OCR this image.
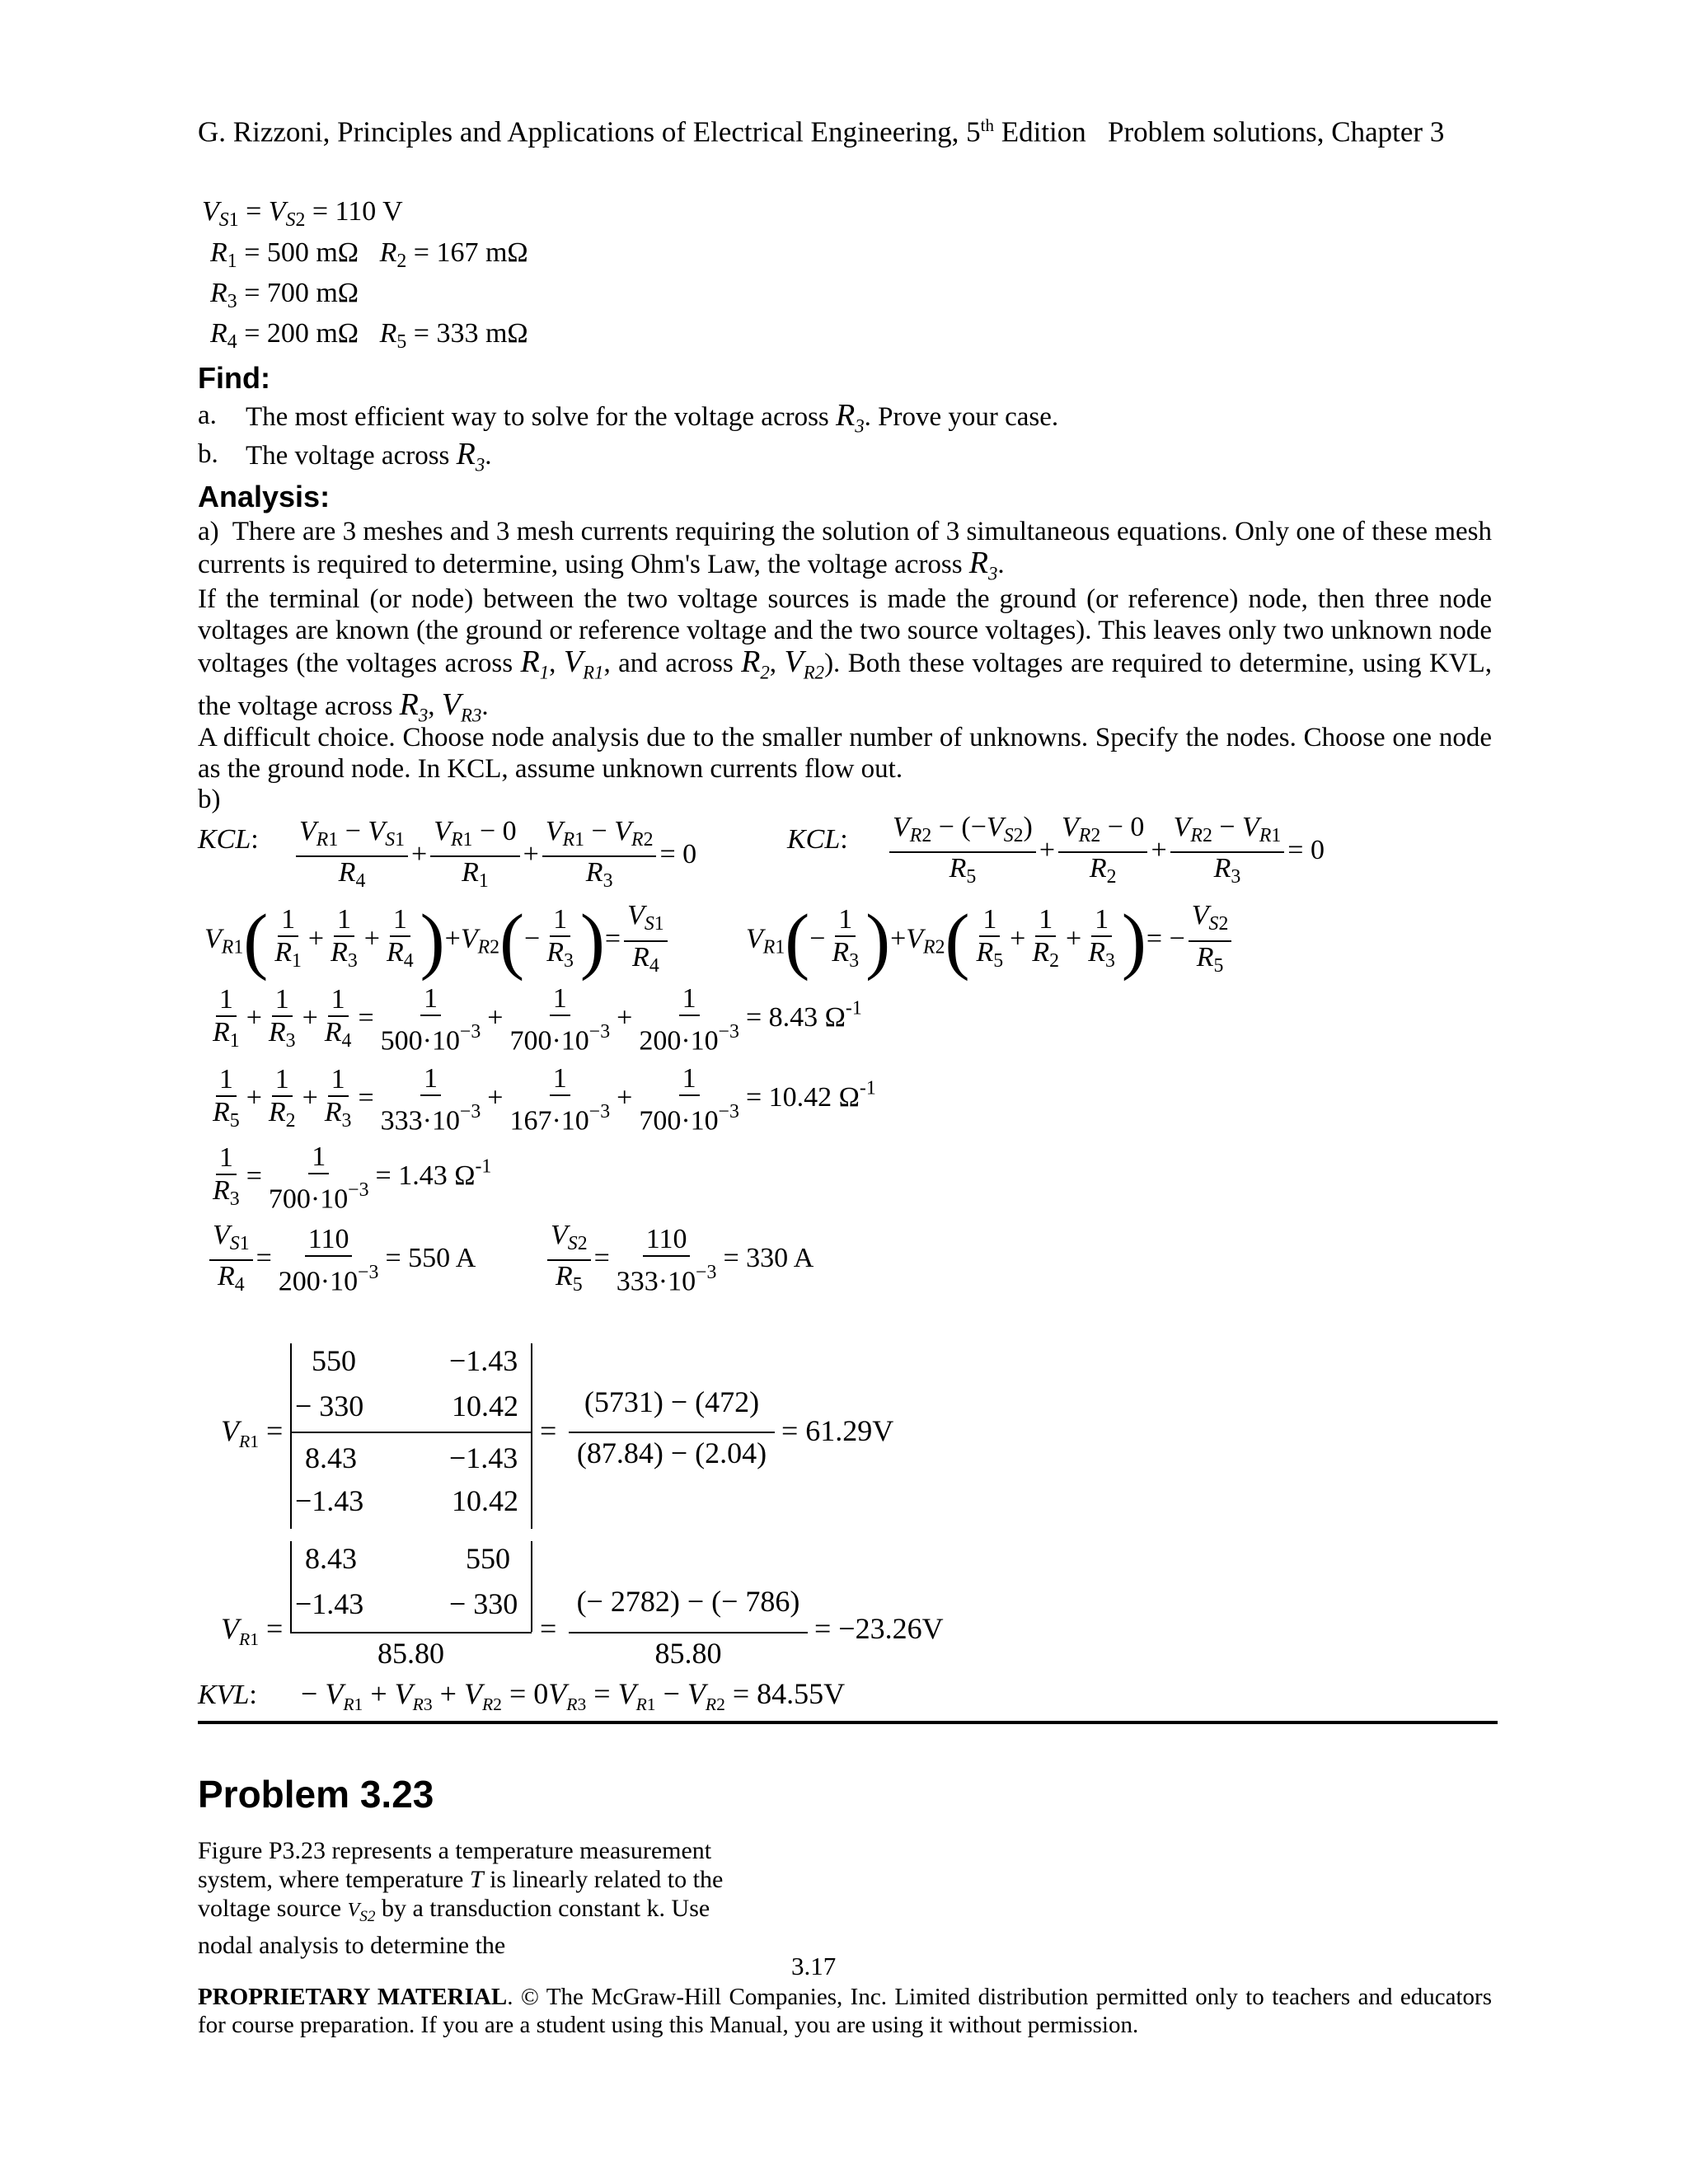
G. Rizzoni, Principles and Applications of Electrical Engineering, 5th Edition   Problem solutions, Chapter 3
$V_{S1} = V_{S2} = 110$ V
$R_1 = 500$ mΩ   $R_2 = 167$ mΩ
$R_3 = 700$ mΩ
$R_4 = 200$ mΩ   $R_5 = 333$ mΩ
Find:
a. The most efficient way to solve for the voltage across $R_3$. Prove your case.
b. The voltage across $R_3$.
Analysis:
a)  There are 3 meshes and 3 mesh currents requiring the solution of 3 simultaneous equations. Only one of these mesh currents is required to determine, using Ohm's Law, the voltage across $R_3$.
If the terminal (or node) between the two voltage sources is made the ground (or reference) node, then three node voltages are known (the ground or reference voltage and the two source voltages). This leaves only two unknown node voltages (the voltages across $R_1$, $V_{R1}$, and across $R_2$, $V_{R2}$). Both these voltages are required to determine, using KVL, the voltage across $R_3$, $V_{R3}$.
A difficult choice. Choose node analysis due to the smaller number of unknowns. Specify the nodes. Choose one node as the ground node. In KCL, assume unknown currents flow out.
b)
KCL: $\frac{V_{R1} - V_{S1}}{R_4} + \frac{V_{R1} - 0}{R_1} + \frac{V_{R1} - V_{R2}}{R_3} = 0$	KCL: $\frac{V_{R2} - (-V_{S2})}{R_5} + \frac{V_{R2} - 0}{R_2} + \frac{V_{R2} - V_{R1}}{R_3} = 0$
$V_{R1}( \frac{1}{R_1} + \frac{1}{R_3} + \frac{1}{R_4} )+V_{R2}(- \frac{1}{R_3}$ )= $\frac{V_{S1}}{R_4}$	$V_{R1}(- \frac{1}{R_3} )+V_{R2}( \frac{1}{R_5} + \frac{1}{R_2} + \frac{1}{R_3}$ )= − $\frac{V_{S2}}{R_5}$
$\frac{1}{R_1} + \frac{1}{R_3} + \frac{1}{R_4} = \frac{1}{500\cdot 10^{-3}} + \frac{1}{700\cdot 10^{-3}} + \frac{1}{200\cdot 10^{-3}} = 8.43$ $\Omega^{-1}$
$\frac{1}{R_5} + \frac{1}{R_2} + \frac{1}{R_3} = \frac{1}{333\cdot 10^{-3}} + \frac{1}{167\cdot 10^{-3}} + \frac{1}{700\cdot 10^{-3}} = 10.42$ $\Omega^{-1}$
$\frac{1}{R_3} = \frac{1}{700\cdot 10^{-3}} = 1.43$ $\Omega^{-1}$
$\frac{V_{S1}}{R_4} = \frac{110}{200\cdot 10^{-3}} = 550$ A	$\frac{V_{S2}}{R_5} = \frac{110}{333\cdot 10^{-3}} = 330$ A
$V_{R1}$ =
550	−1.43
− 330	10.42
8.43	−1.43
−1.43	10.42
=
(5731) − (472)
(87.84) − (2.04)
= 61.29V
$V_{R1}$ =
8.43	550
−1.43	− 330
85.80
=
(− 2782) − (− 786)
85.80
= −23.26V
KVL: − $V_{R1} + V_{R3} + V_{R2} = 0V_{R3} = V_{R1} - V_{R2} = 84.55V$
Problem 3.23
Figure P3.23 represents a temperature measurement system, where temperature T is linearly related to the voltage source $V_{S2}$ by a transduction constant k. Use nodal analysis to determine the
3.17
PROPRIETARY MATERIAL. © The McGraw-Hill Companies, Inc. Limited distribution permitted only to teachers and educators for course preparation. If you are a student using this Manual, you are using it without permission.
